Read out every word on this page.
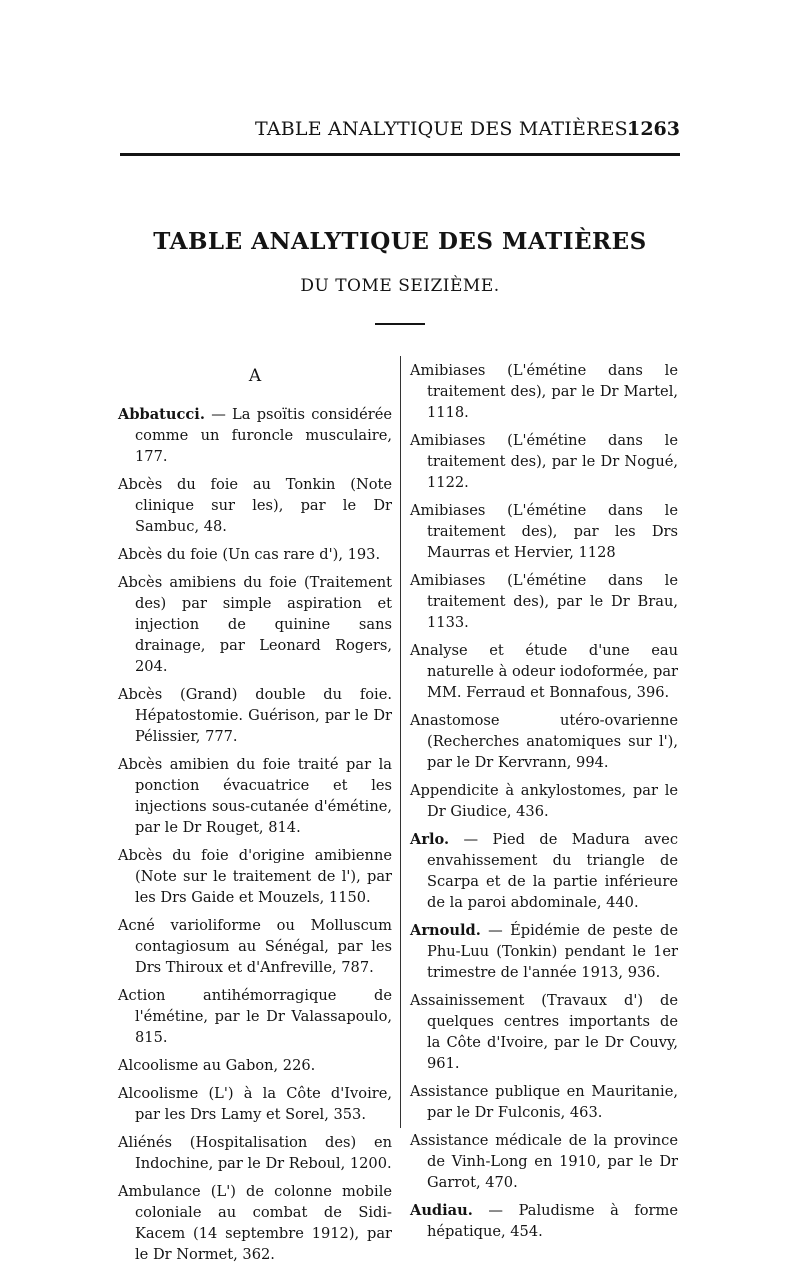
TABLE ANALYTIQUE DES MATIÈRES.
1263
TABLE ANALYTIQUE DES MATIÈRES
DU TOME SEIZIÈME.
A
Abbatucci. — La psoïtis considérée comme un furoncle musculaire, 177.
Abcès du foie au Tonkin (Note clinique sur les), par le Dr Sambuc, 48.
Abcès du foie (Un cas rare d'), 193.
Abcès amibiens du foie (Traitement des) par simple aspiration et injection de quinine sans drainage, par Leonard Rogers, 204.
Abcès (Grand) double du foie. Hépatostomie. Guérison, par le Dr Pélissier, 777.
Abcès amibien du foie traité par la ponction évacuatrice et les injections sous-cutanée d'émétine, par le Dr Rouget, 814.
Abcès du foie d'origine amibienne (Note sur le traitement de l'), par les Drs Gaide et Mouzels, 1150.
Acné varioliforme ou Molluscum contagiosum au Sénégal, par les Drs Thiroux et d'Anfreville, 787.
Action antihémorragique de l'émétine, par le Dr Valassapoulo, 815.
Alcoolisme au Gabon, 226.
Alcoolisme (L') à la Côte d'Ivoire, par les Drs Lamy et Sorel, 353.
Aliénés (Hospitalisation des) en Indochine, par le Dr Reboul, 1200.
Ambulance (L') de colonne mobile coloniale au combat de Sidi-Kacem (14 septembre 1912), par le Dr Normet, 362.
Amibiases (L'émétine dans le traitement des), par le Dr Martel, 1118.
Amibiases (L'émétine dans le traitement des), par le Dr Nogué, 1122.
Amibiases (L'émétine dans le traitement des), par les Drs Maurras et Hervier, 1128
Amibiases (L'émétine dans le traitement des), par le Dr Brau, 1133.
Analyse et étude d'une eau naturelle à odeur iodoformée, par MM. Ferraud et Bonnafous, 396.
Anastomose utéro-ovarienne (Recherches anatomiques sur l'), par le Dr Kervrann, 994.
Appendicite à ankylostomes, par le Dr Giudice, 436.
Arlo. — Pied de Madura avec envahissement du triangle de Scarpa et de la partie inférieure de la paroi abdominale, 440.
Arnould. — Épidémie de peste de Phu-Luu (Tonkin) pendant le 1er trimestre de l'année 1913, 936.
Assainissement (Travaux d') de quelques centres importants de la Côte d'Ivoire, par le Dr Couvy, 961.
Assistance publique en Mauritanie, par le Dr Fulconis, 463.
Assistance médicale de la province de Vinh-Long en 1910, par le Dr Garrot, 470.
Audiau. — Paludisme à forme hépatique, 454.
